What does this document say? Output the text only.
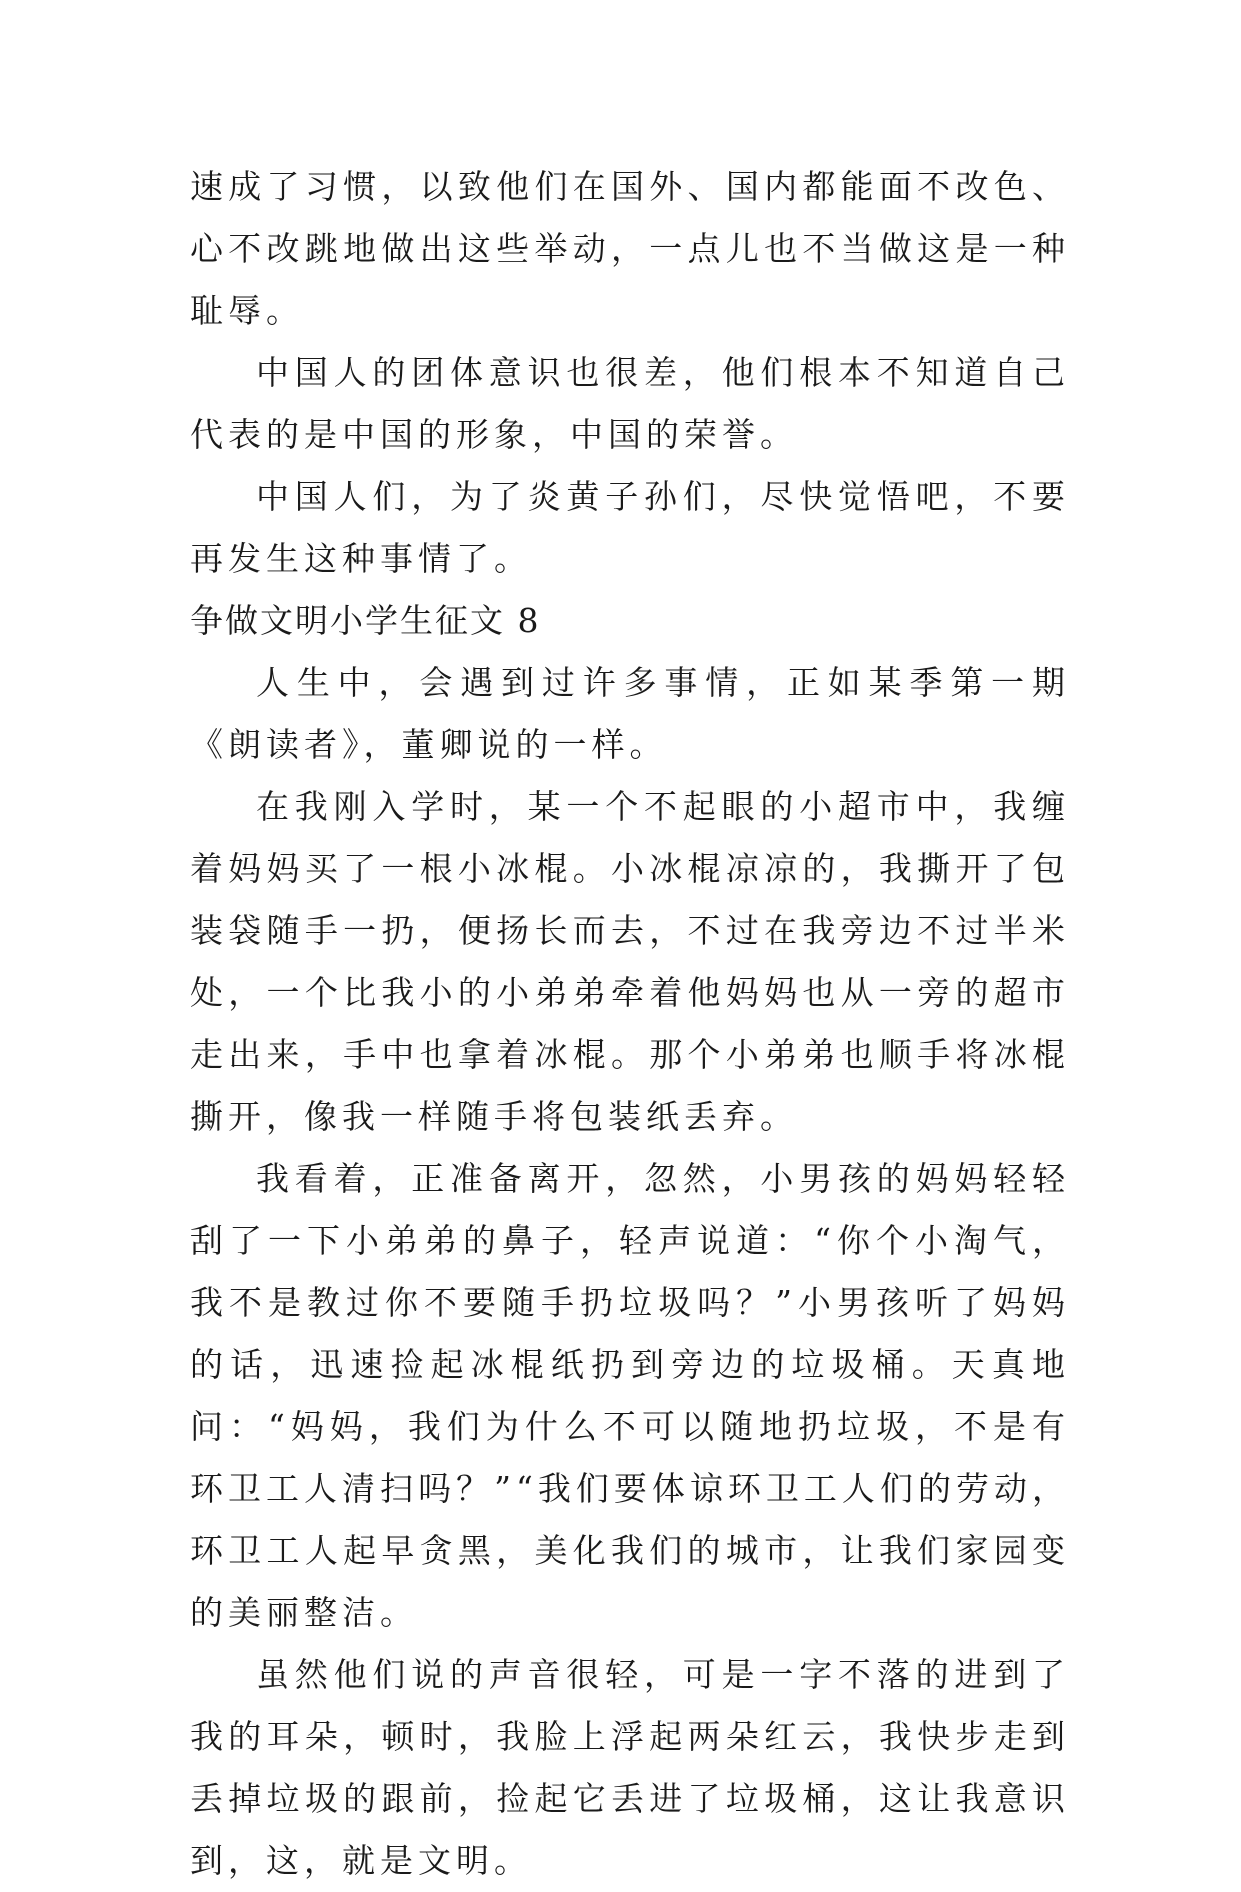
速成了习惯，以致他们在国外、国内都能面不改色、心不改跳地做出这些举动，一点儿也不当做这是一种耻辱。

中国人的团体意识也很差，他们根本不知道自己代表的是中国的形象，中国的荣誉。

中国人们，为了炎黄子孙们，尽快觉悟吧，不要再发生这种事情了。

争做文明小学生征文 8

人生中，会遇到过许多事情，正如某季第一期《朗读者》，董卿说的一样。

在我刚入学时，某一个不起眼的小超市中，我缠着妈妈买了一根小冰棍。小冰棍凉凉的，我撕开了包装袋随手一扔，便扬长而去，不过在我旁边不过半米处，一个比我小的小弟弟牵着他妈妈也从一旁的超市走出来，手中也拿着冰棍。那个小弟弟也顺手将冰棍撕开，像我一样随手将包装纸丢弃。

我看着，正准备离开，忽然，小男孩的妈妈轻轻刮了一下小弟弟的鼻子，轻声说道：“你个小淘气，我不是教过你不要随手扔垃圾吗？”小男孩听了妈妈的话，迅速捡起冰棍纸扔到旁边的垃圾桶。天真地问：“妈妈，我们为什么不可以随地扔垃圾，不是有环卫工人清扫吗？”“我们要体谅环卫工人们的劳动，环卫工人起早贪黑，美化我们的城市，让我们家园变的美丽整洁。

虽然他们说的声音很轻，可是一字不落的进到了我的耳朵，顿时，我脸上浮起两朵红云，我快步走到丢掉垃圾的跟前，捡起它丢进了垃圾桶，这让我意识到，这，就是文明。
